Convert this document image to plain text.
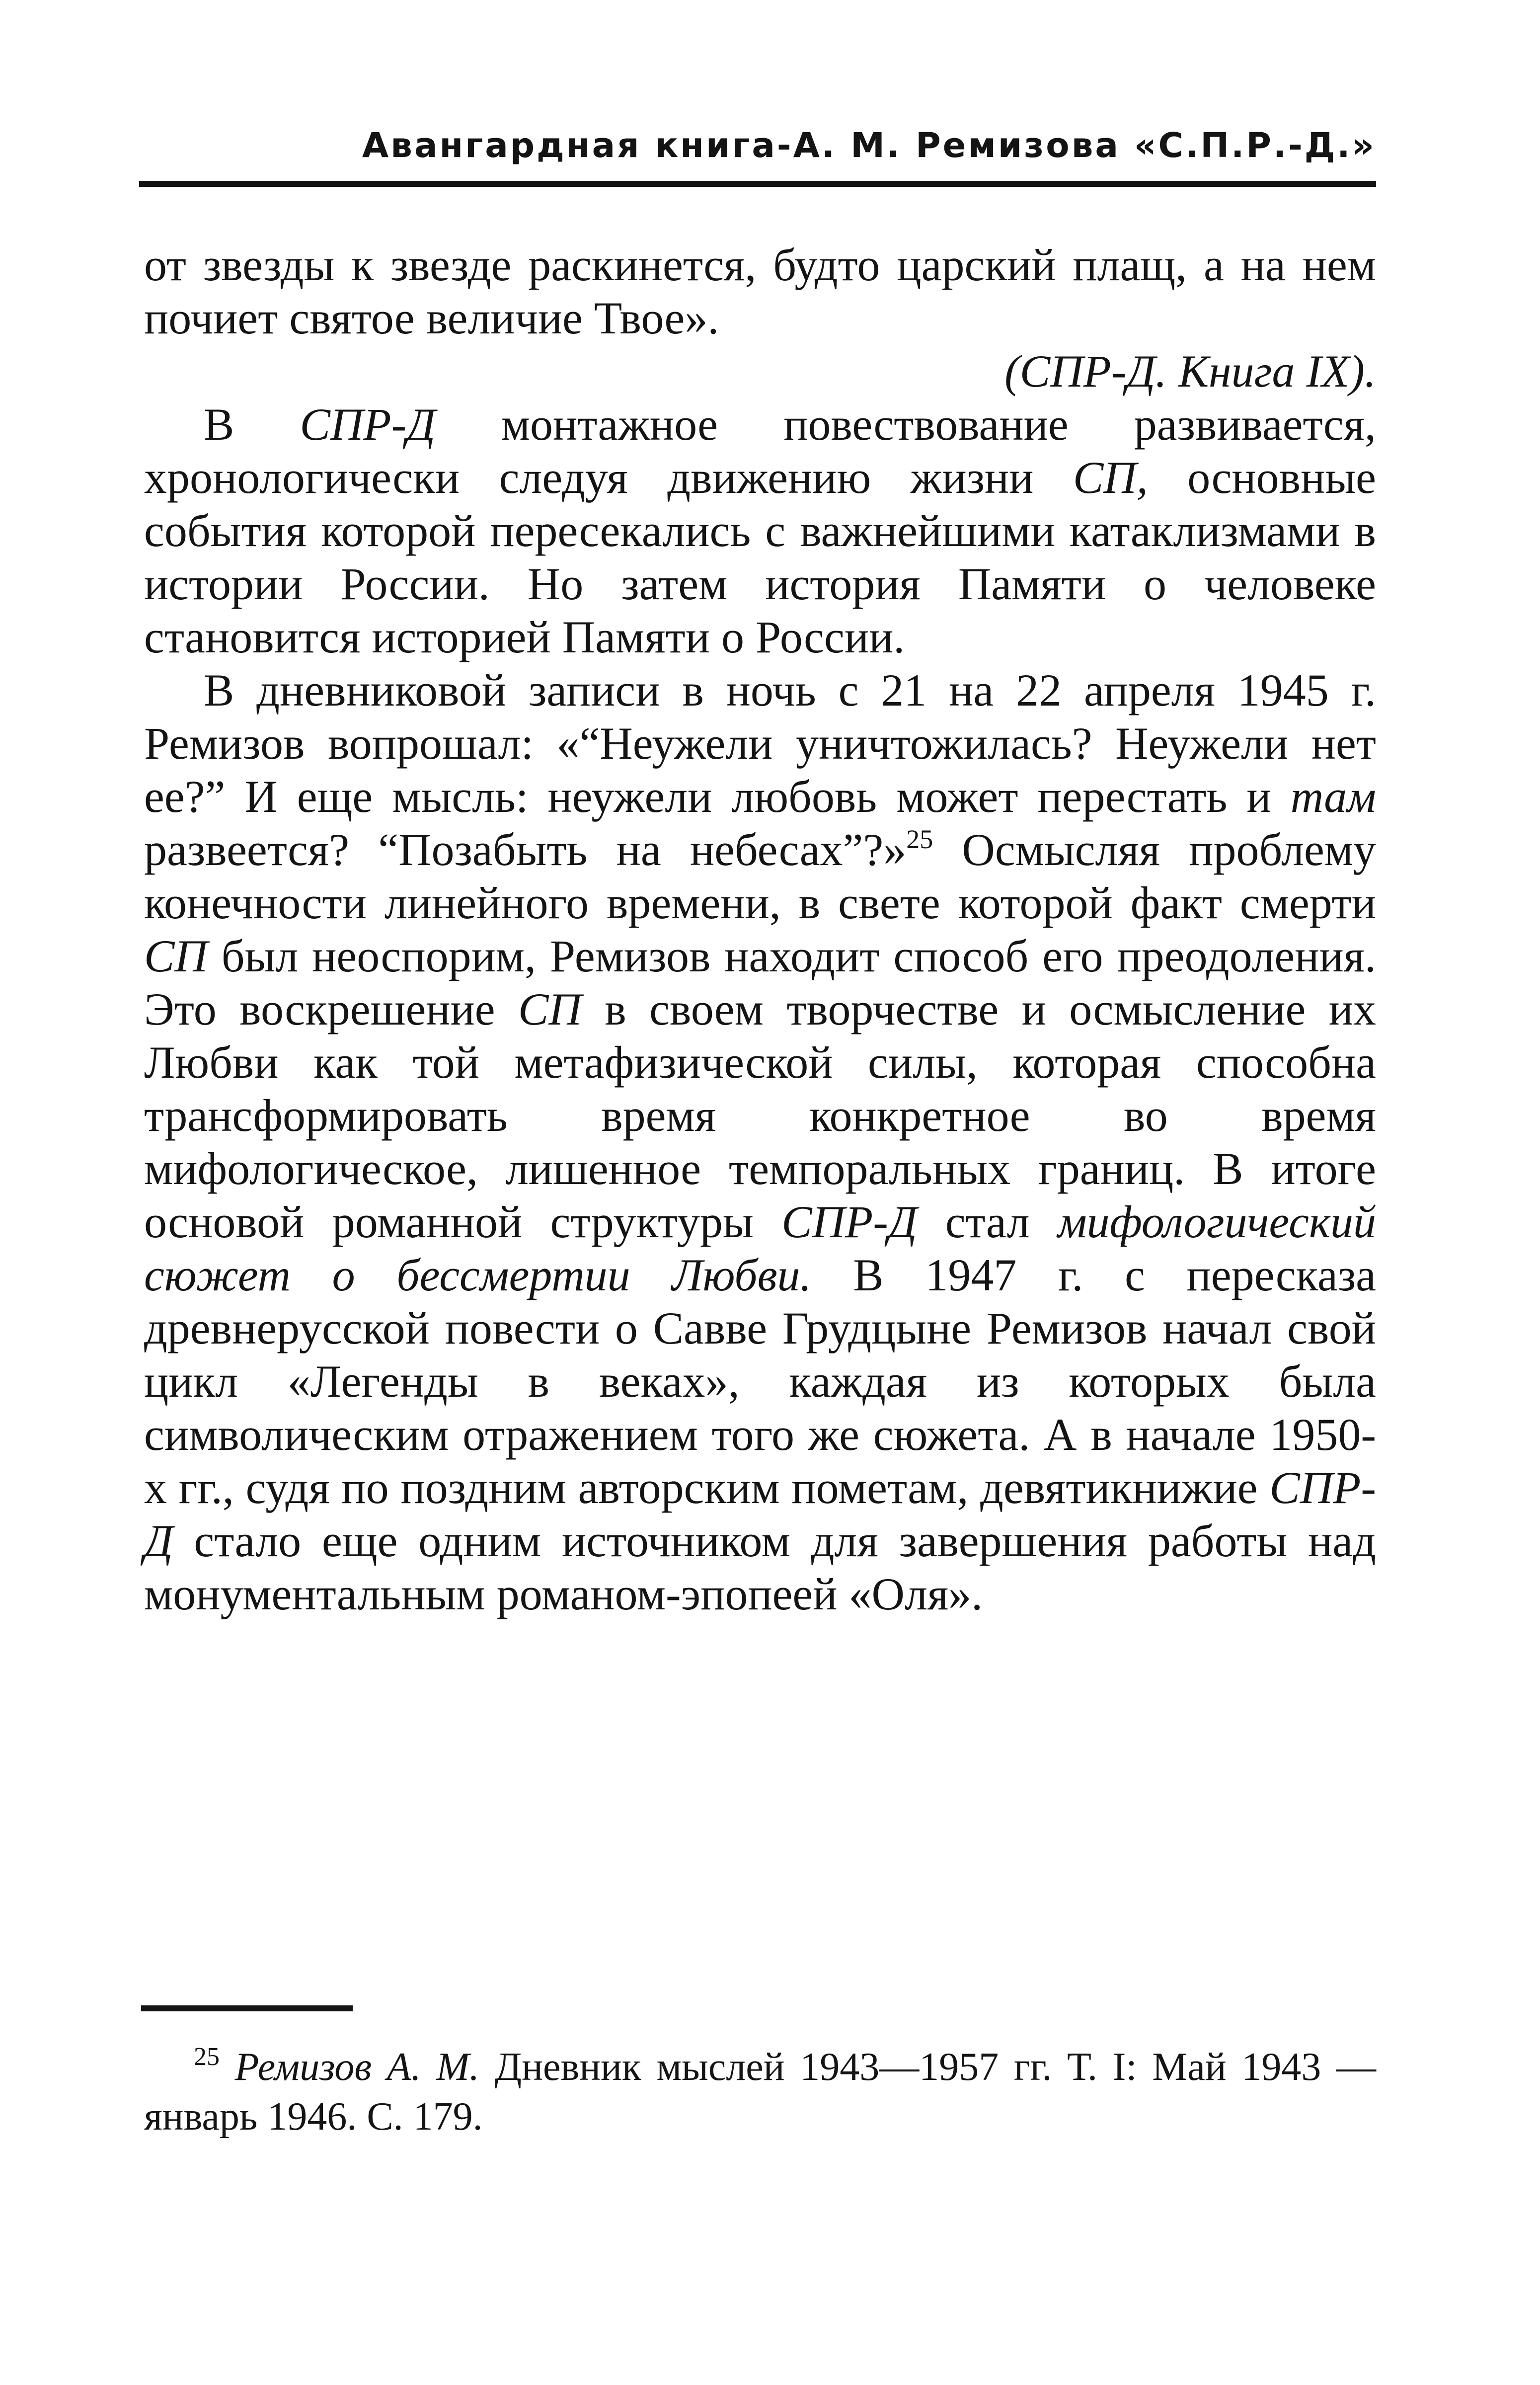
Авангардная книга-А. М. Ремизова «С.П.Р.-Д.»

от звезды к звезде раскинется, будто царский плащ, а на нем почиет святое величие Твое».

(СПР-Д. Книга IX).

В СПР-Д монтажное повествование развивается, хронологически следуя движению жизни СП, основные события которой пересекались с важнейшими катаклизмами в истории России. Но затем история Памяти о человеке становится историей Памяти о России.

В дневниковой записи в ночь с 21 на 22 апреля 1945 г. Ремизов вопрошал: «“Неужели уничтожилась? Неужели нет ее?” И еще мысль: неужели любовь может перестать и там развеется? “Позабыть на небесах”?»$^{25}$ Осмысляя проблему конечности линейного времени, в свете которой факт смерти СП был неоспорим, Ремизов находит способ его преодоления. Это воскрешение СП в своем творчестве и осмысление их Любви как той метафизической силы, которая способна трансформировать время конкретное во время мифологическое, лишенное темпоральных границ. В итоге основой романной структуры СПР-Д стал мифологический сюжет о бессмертии Любви. В 1947 г. с пересказа древнерусской повести о Савве Грудцыне Ремизов начал свой цикл «Легенды в веках», каждая из которых была символическим отражением того же сюжета. А в начале 1950-х гг., судя по поздним авторским пометам, девятикнижие СПР-Д стало еще одним источником для завершения работы над монументальным романом-эпопеей «Оля».

$^{25}$ Ремизов А. М. Дневник мыслей 1943—1957 гг. Т. I: Май 1943 — январь 1946. С. 179.
